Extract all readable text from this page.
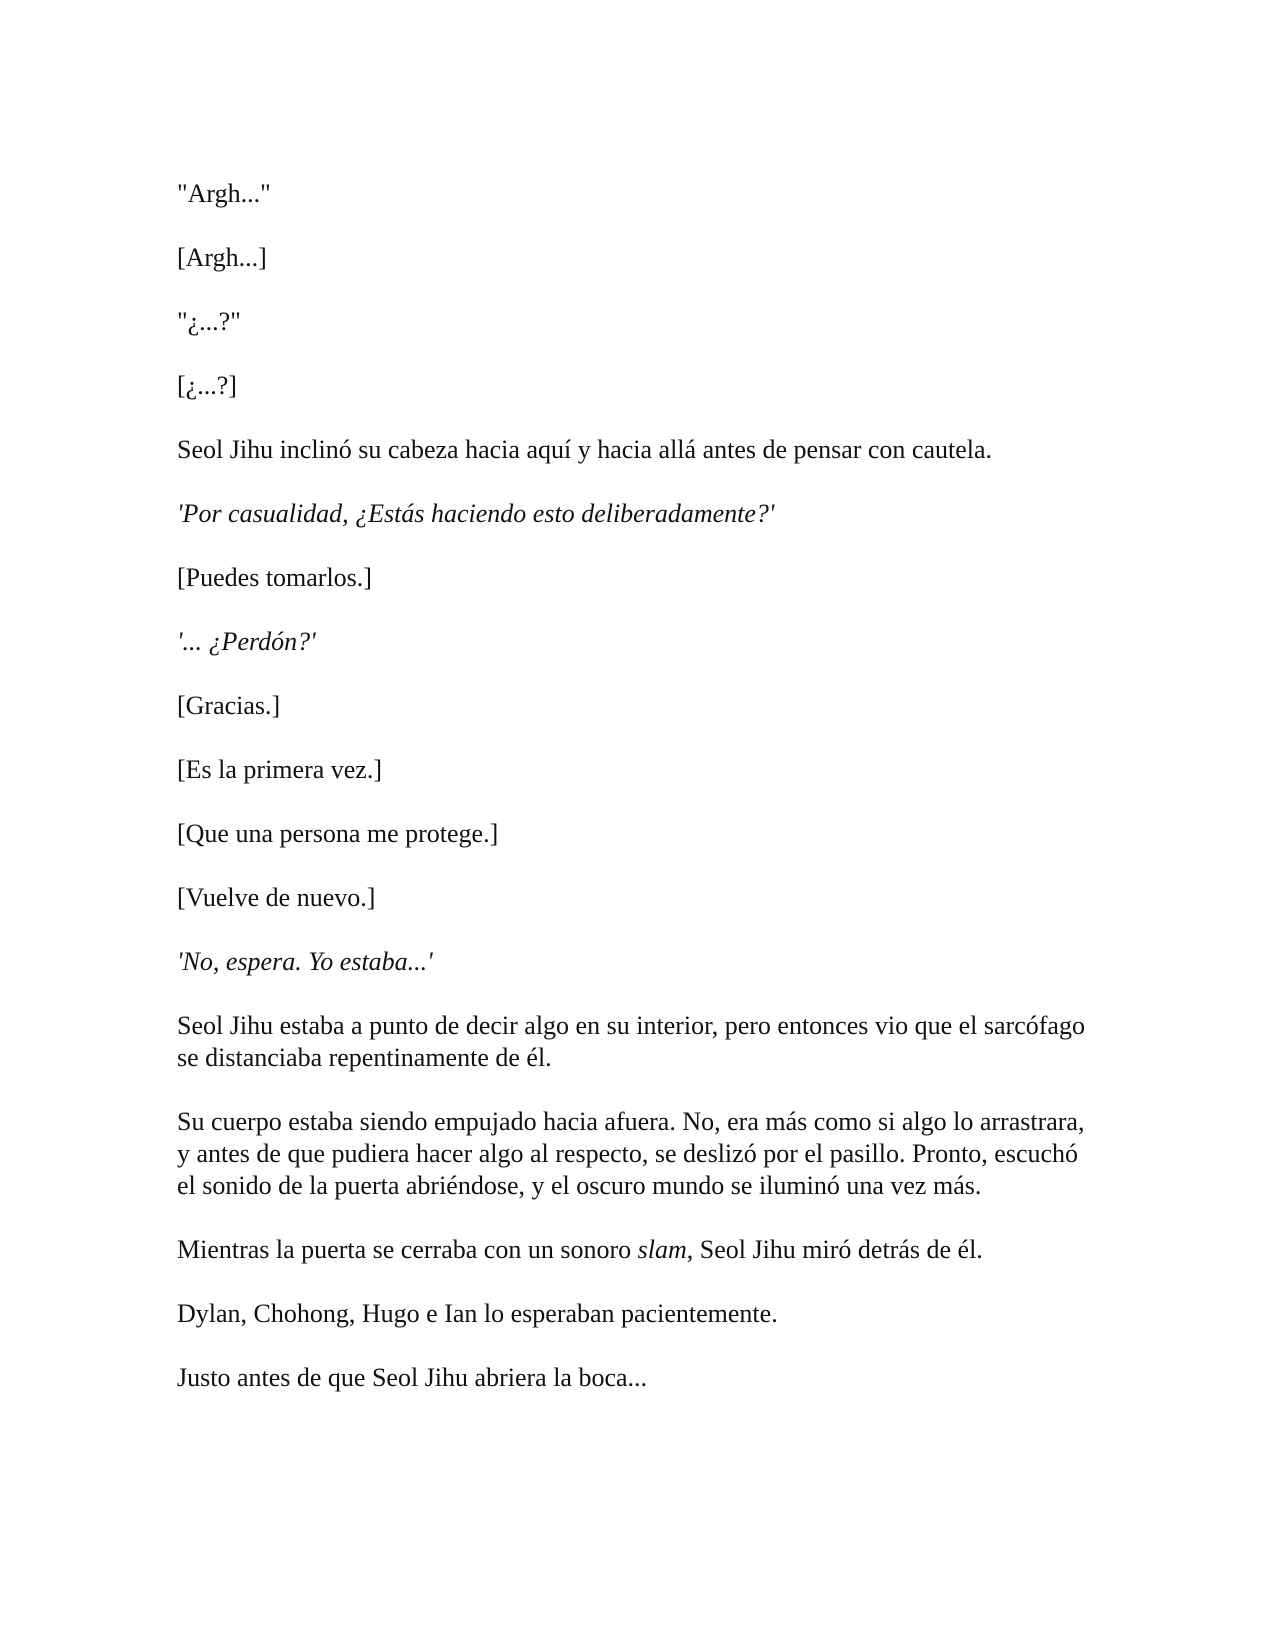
"Argh..."

[Argh...]

"¿...?"

[¿...?]

Seol Jihu inclinó su cabeza hacia aquí y hacia allá antes de pensar con cautela.

'Por casualidad, ¿Estás haciendo esto deliberadamente?'

[Puedes tomarlos.]

'... ¿Perdón?'

[Gracias.]

[Es la primera vez.]

[Que una persona me protege.]

[Vuelve de nuevo.]

'No, espera. Yo estaba...'

Seol Jihu estaba a punto de decir algo en su interior, pero entonces vio que el sarcófago se distanciaba repentinamente de él.

Su cuerpo estaba siendo empujado hacia afuera. No, era más como si algo lo arrastrara, y antes de que pudiera hacer algo al respecto, se deslizó por el pasillo. Pronto, escuchó el sonido de la puerta abriéndose, y el oscuro mundo se iluminó una vez más.

Mientras la puerta se cerraba con un sonoro slam, Seol Jihu miró detrás de él.

Dylan, Chohong, Hugo e Ian lo esperaban pacientemente.

Justo antes de que Seol Jihu abriera la boca...
